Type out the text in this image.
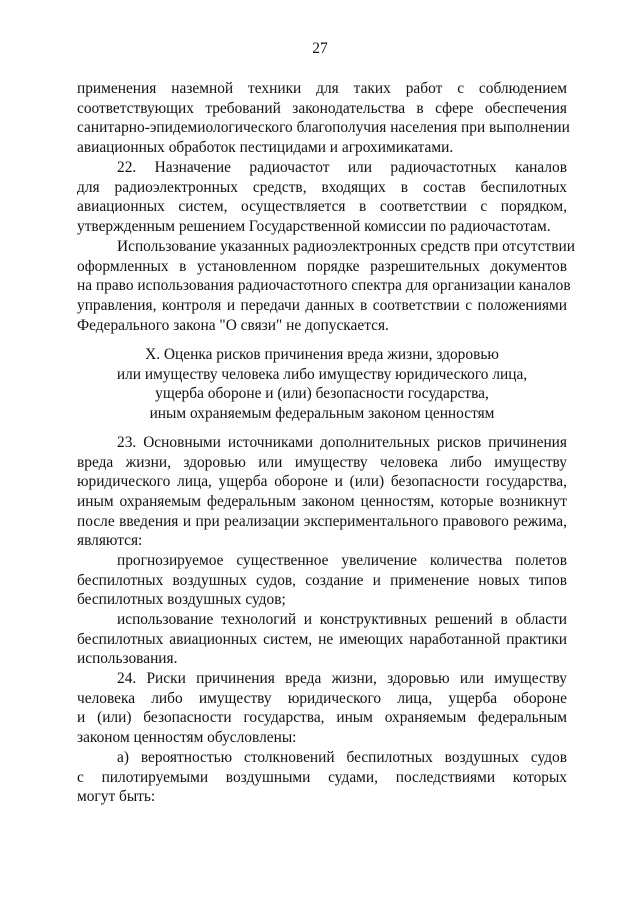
27
применения наземной техники для таких работ с соблюдением
соответствующих требований законодательства в сфере обеспечения
санитарно-эпидемиологического благополучия населения при выполнении
авиационных обработок пестицидами и агрохимикатами.
22. Назначение радиочастот или радиочастотных каналов
для радиоэлектронных средств, входящих в состав беспилотных
авиационных систем, осуществляется в соответствии с порядком,
утвержденным решением Государственной комиссии по радиочастотам.
Использование указанных радиоэлектронных средств при отсутствии
оформленных в установленном порядке разрешительных документов
на право использования радиочастотного спектра для организации каналов
управления, контроля и передачи данных в соответствии с положениями
Федерального закона "О связи" не допускается.
X. Оценка рисков причинения вреда жизни, здоровью
или имуществу человека либо имуществу юридического лица,
ущерба обороне и (или) безопасности государства,
иным охраняемым федеральным законом ценностям
23. Основными источниками дополнительных рисков причинения
вреда жизни, здоровью или имуществу человека либо имуществу
юридического лица, ущерба обороне и (или) безопасности государства,
иным охраняемым федеральным законом ценностям, которые возникнут
после введения и при реализации экспериментального правового режима,
являются:
прогнозируемое существенное увеличение количества полетов
беспилотных воздушных судов, создание и применение новых типов
беспилотных воздушных судов;
использование технологий и конструктивных решений в области
беспилотных авиационных систем, не имеющих наработанной практики
использования.
24. Риски причинения вреда жизни, здоровью или имуществу
человека либо имуществу юридического лица, ущерба обороне
и (или) безопасности государства, иным охраняемым федеральным
законом ценностям обусловлены:
а) вероятностью столкновений беспилотных воздушных судов
с пилотируемыми воздушными судами, последствиями которых
могут быть:
